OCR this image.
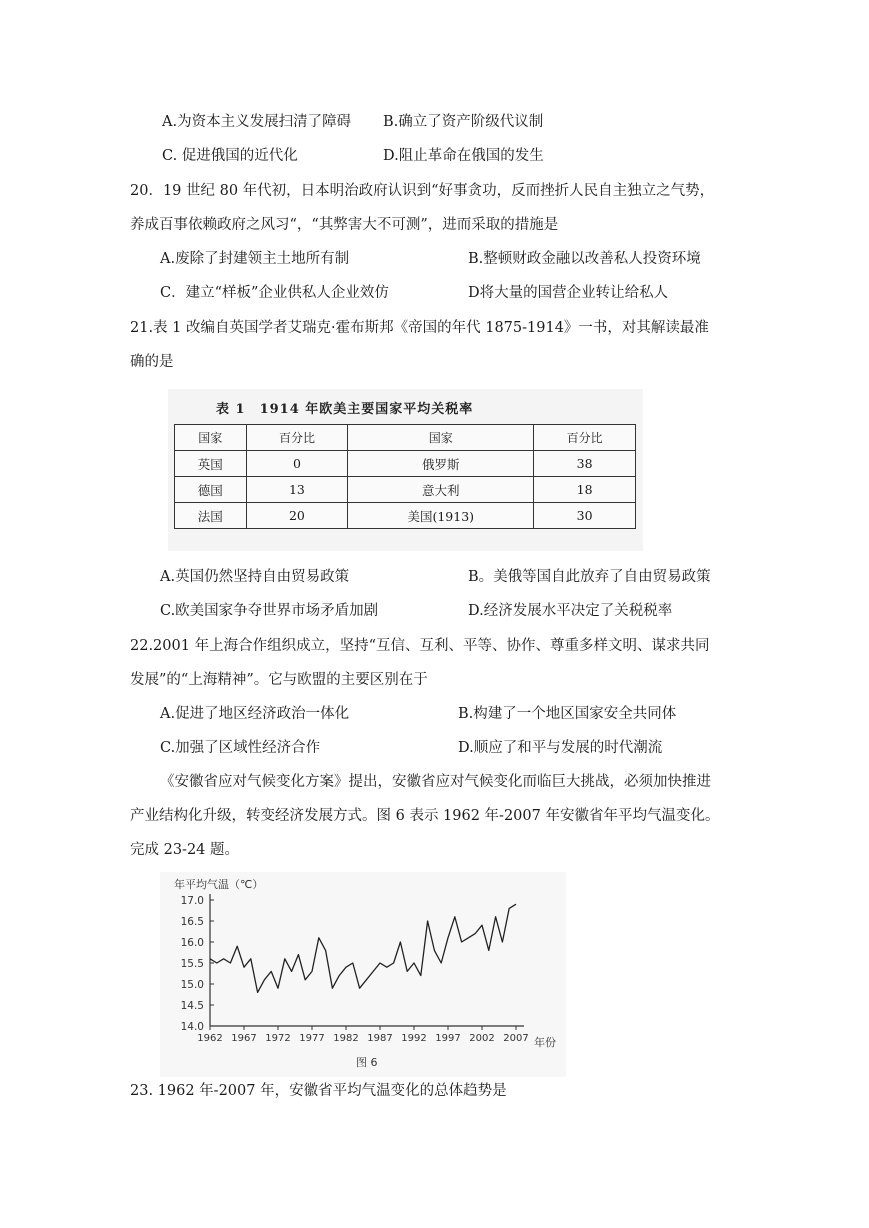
A.为资本主义发展扫清了障碍 B.确立了资产阶级代议制
C. 促进俄国的近代化	D.阻止革命在俄国的发生
20．19 世纪 80 年代初，日本明治政府认识到“好事贪功，反而挫折人民自主独立之气势，
养成百事依赖政府之风习“，“其弊害大不可测”，进而采取的措施是
A.废除了封建领主土地所有制	B.整顿财政金融以改善私人投资环境
C．建立“样板”企业供私人企业效仿	D将大量的国营企业转让给私人
21.表 1 改编自英国学者艾瑞克·霍布斯邦《帝国的年代 1875-1914》一书，对其解读最准
确的是
表 1　1914 年欧美主要国家平均关税率
国家	百分比	国家	百分比
英国	0	俄罗斯	38
德国	13	意大利	18
法国	20	美国(1913)	30
A.英国仍然坚持自由贸易政策	B。美俄等国自此放弃了自由贸易政策
C.欧美国家争夺世界市场矛盾加剧	D.经济发展水平决定了关税税率
22.2001 年上海合作组织成立，坚持“互信、互利、平等、协作、尊重多样文明、谋求共同
发展”的“上海精神”。它与欧盟的主要区别在于
A.促进了地区经济政治一体化	B.构建了一个地区国家安全共同体
C.加强了区域性经济合作	D.顺应了和平与发展的时代潮流
《安徽省应对气候变化方案》提出，安徽省应对气候变化而临巨大挑战，必须加快推进
产业结构化升级，转变经济发展方式。图 6 表示 1962 年-2007 年安徽省年平均气温变化。
完成 23-24 题。
年平均气温（℃）
年份
图 6
14.0
14.5
15.0
15.5
16.0
16.5
17.0
1962 1967 1972 1977 1982 1987 1992 1997 2002 2007
23. 1962 年-2007 年，安徽省平均气温变化的总体趋势是
